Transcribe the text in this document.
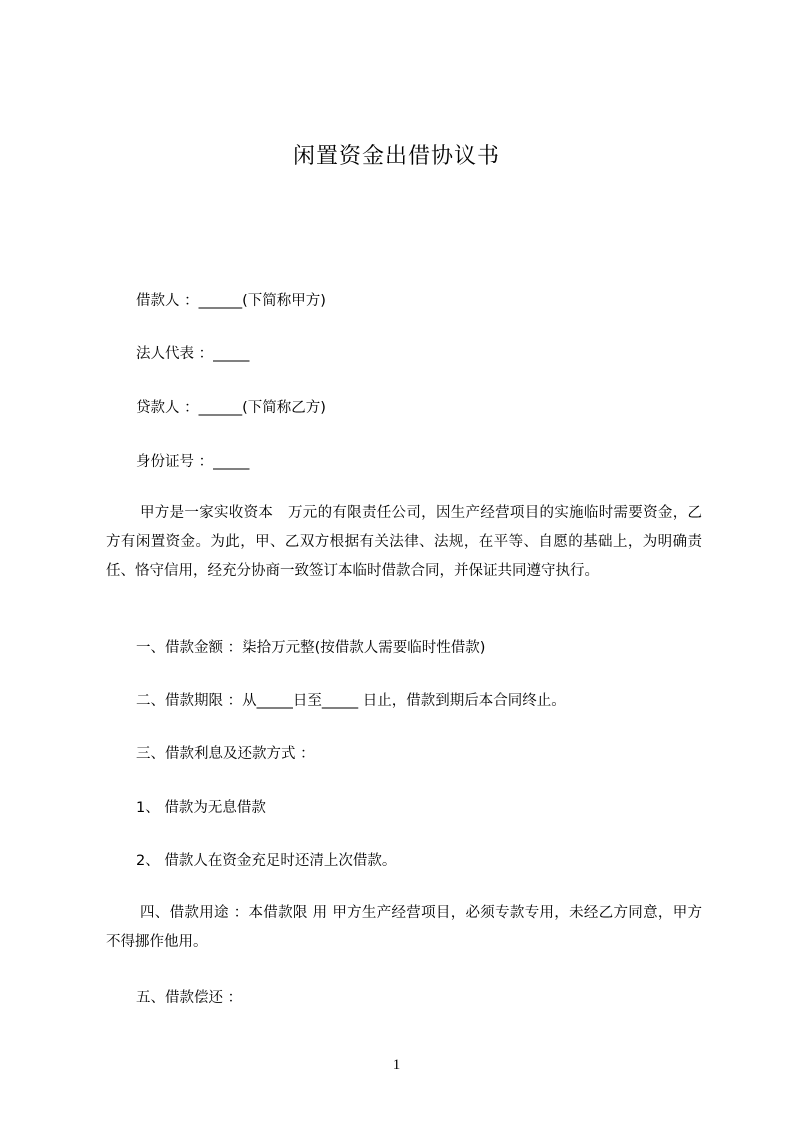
闲置资金出借协议书
借款人 ：______(下简称甲方)
法人代表 ：_____
贷款人 ：______(下简称乙方)
身份证号 ：_____
甲方是一家实收资本　万元的有限责任公司，因生产经营项目的实施临时需要资金，乙方有闲置资金。为此，甲、乙双方根据有关法律、法规，在平等、自愿的基础上，为明确责任、恪守信用，经充分协商一致签订本临时借款合同，并保证共同遵守执行。
一、借款金额 ：柒拾万元整(按借款人需要临时性借款)
二、借款期限 ：从_____日至_____ 日止，借款到期后本合同终止。
三、借款利息及还款方式 ：
1、 借款为无息借款
2、 借款人在资金充足时还清上次借款。
四、借款用途 ：本借款限 用 甲方生产经营项目，必须专款专用，未经乙方同意，甲方不得挪作他用。
五、借款偿还 ：
1
